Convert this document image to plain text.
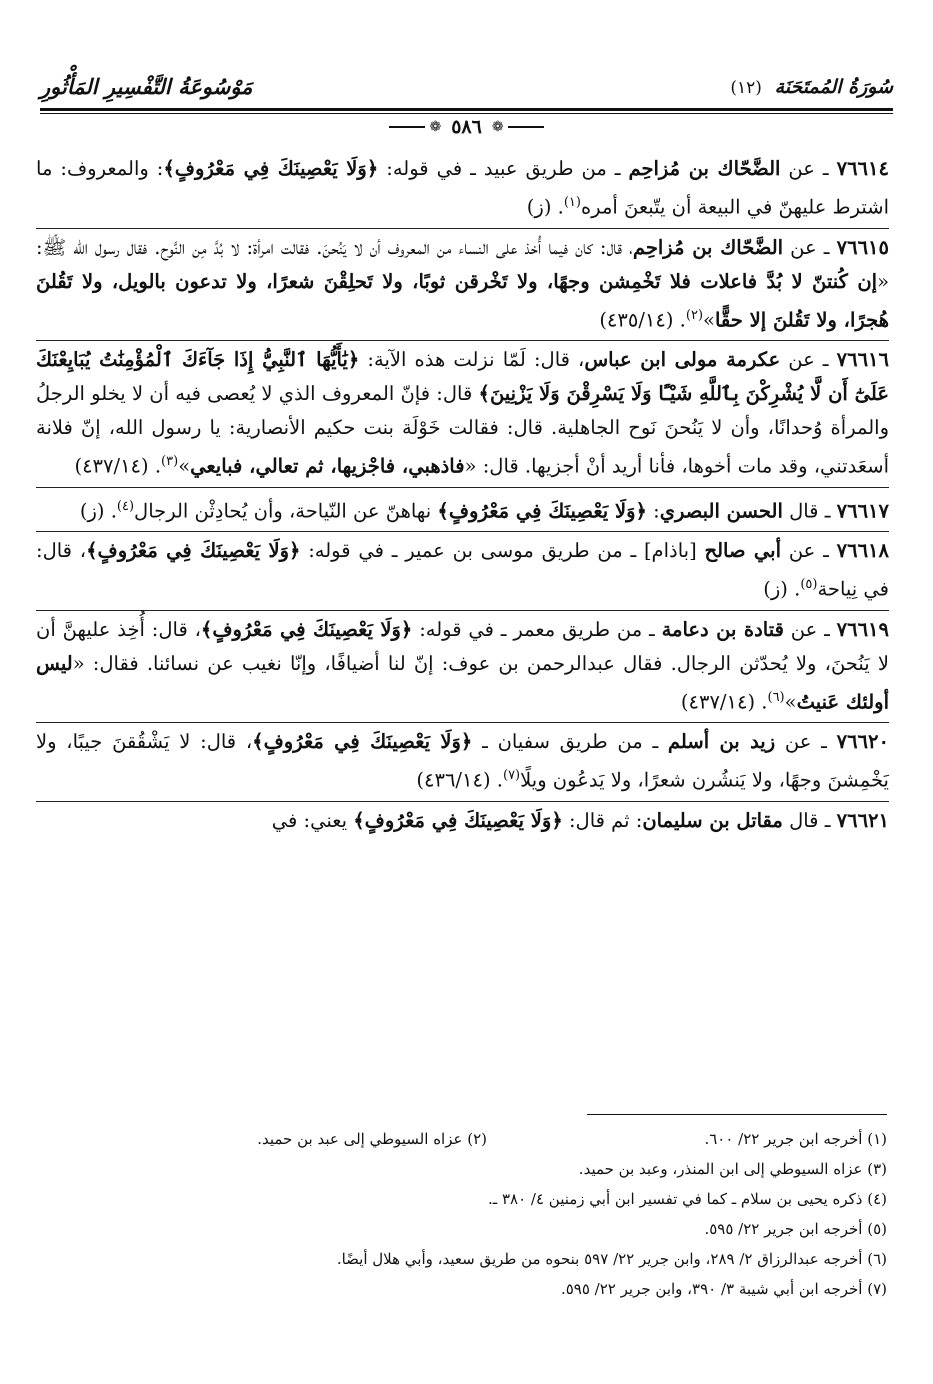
سُورَةُ المُمتَحَنَة (١٢)
مَوْسُوعَةُ التَّفْسِيرِ المَأْثُورِ
❁
٥٨٦
❁

٧٦٦١٤ ـ عن الضَّحّاك بن مُزاحِم ـ من طريق عبيد ـ في قوله: ﴿وَلَا يَعْصِينَكَ فِي مَعْرُوفٍ﴾: والمعروف: ما اشترط عليهنّ في البيعة أن يتّبعنَ أمره$^{(١)}$. (ز)

٧٦٦١٥ ـ عن الضَّحّاك بن مُزاحِم، قال: كان فيما أُخذ على النساء من المعروف أن لا يَنُحنَ. فقالت امرأة: لا بُدَّ مِن النَّوح. فقال رسول الله ﷺ: «إن كُنتنّ لا بُدَّ فاعلات فلا تَخْمِشن وجهًا، ولا تَخْرقن ثوبًا، ولا تَحلِقْنَ شعرًا، ولا تدعون بالويل، ولا تَقُلنَ هُجرًا، ولا تَقُلنَ إلا حقًّا»$^{(٢)}$. (٤٣٥/١٤)

٧٦٦١٦ ـ عن عكرمة مولى ابن عباس، قال: لَمّا نزلت هذه الآية: ﴿يَٰأَيُّهَا ٱلنَّبِيُّ إِذَا جَآءَكَ ٱلْمُؤْمِنَٰتُ يُبَايِعْنَكَ عَلَىٰٓ أَن لَّا يُشْرِكْنَ بِٱللَّهِ شَيْـًٔا وَلَا يَسْرِقْنَ وَلَا يَزْنِينَ﴾ قال: فإنّ المعروف الذي لا يُعصى فيه أن لا يخلو الرجلُ والمرأة وُحدانًا، وأن لا يَنُحنَ نَوح الجاهلية. قال: فقالت خَوْلَة بنت حكيم الأنصارية: يا رسول الله، إنّ فلانة أسعَدتني، وقد مات أخوها، فأنا أريد أنْ أجزيها. قال: «فاذهبي، فاجْزيها، ثم تعالي، فبايعي»$^{(٣)}$. (٤٣٧/١٤)

٧٦٦١٧ ـ قال الحسن البصري: ﴿وَلَا يَعْصِينَكَ فِي مَعْرُوفٍ﴾ نهاهنّ عن النّياحة، وأن يُحادِثْن الرجال$^{(٤)}$. (ز)

٧٦٦١٨ ـ عن أبي صالح [باذام] ـ من طريق موسى بن عمير ـ في قوله: ﴿وَلَا يَعْصِينَكَ فِي مَعْرُوفٍ﴾، قال: في نِياحة$^{(٥)}$. (ز)

٧٦٦١٩ ـ عن قتادة بن دعامة ـ من طريق معمر ـ في قوله: ﴿وَلَا يَعْصِينَكَ فِي مَعْرُوفٍ﴾، قال: أُخِذ عليهنَّ أن لا يَنُحنَ، ولا يُحدّثن الرجال. فقال عبدالرحمن بن عوف: إنّ لنا أضيافًا، وإنّا نغيب عن نسائنا. فقال: «ليس أولئك عَنيتُ»$^{(٦)}$. (٤٣٧/١٤)

٧٦٦٢٠ ـ عن زيد بن أسلم ـ من طريق سفيان ـ ﴿وَلَا يَعْصِينَكَ فِي مَعْرُوفٍ﴾، قال: لا يَشْقُقنَ جيبًا، ولا يَخْمِشنَ وجهًا، ولا يَنشُرن شعرًا، ولا يَدعُون ويلًا$^{(٧)}$. (٤٣٦/١٤)

٧٦٦٢١ ـ قال مقاتل بن سليمان: ثم قال: ﴿وَلَا يَعْصِينَكَ فِي مَعْرُوفٍ﴾ يعني: في

(١) أخرجه ابن جرير ٢٢/ ٦٠٠.
(٢) عزاه السيوطي إلى عبد بن حميد.
(٣) عزاه السيوطي إلى ابن المنذر، وعبد بن حميد.
(٤) ذكره يحيى بن سلام ـ كما في تفسير ابن أبي زمنين ٤/ ٣٨٠ ـ.
(٥) أخرجه ابن جرير ٢٢/ ٥٩٥.
(٦) أخرجه عبدالرزاق ٢/ ٢٨٩، وابن جرير ٢٢/ ٥٩٧ بنحوه من طريق سعيد، وأبي هلال أيضًا.
(٧) أخرجه ابن أبي شيبة ٣/ ٣٩٠، وابن جرير ٢٢/ ٥٩٥.
